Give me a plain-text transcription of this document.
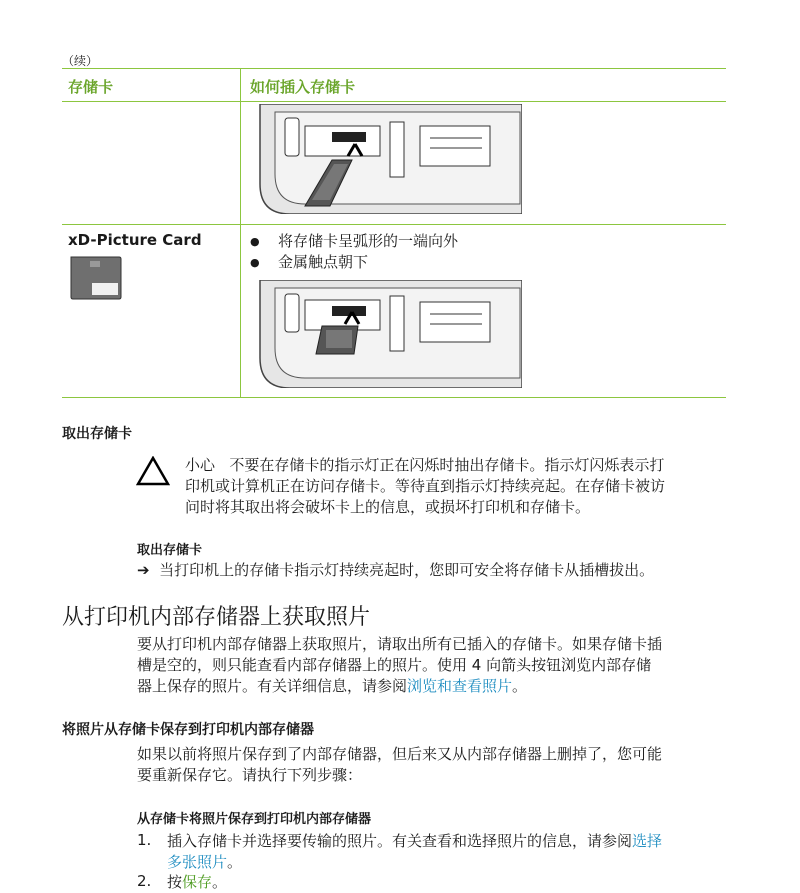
（续）
存储卡	如何插入存储卡
xD-Picture Card
●	将存储卡呈弧形的一端向外
● 金属触点朝下
取出存储卡
小心 不要在存储卡的指示灯正在闪烁时抽出存储卡。指示灯闪烁表示打
印机或计算机正在访问存储卡。等待直到指示灯持续亮起。在存储卡被访
问时将其取出将会破坏卡上的信息，或损坏打印机和存储卡。
取出存储卡
➔ 当打印机上的存储卡指示灯持续亮起时，您即可安全将存储卡从插槽拔出。
从打印机内部存储器上获取照片
要从打印机内部存储器上获取照片，请取出所有已插入的存储卡。如果存储卡插
槽是空的，则只能查看内部存储器上的照片。使用 4 向箭头按钮浏览内部存储
器上保存的照片。有关详细信息，请参阅浏览和查看照片。
将照片从存储卡保存到打印机内部存储器
如果以前将照片保存到了内部存储器，但后来又从内部存储器上删掉了，您可能
要重新保存它。请执行下列步骤：
从存储卡将照片保存到打印机内部存储器
1. 插入存储卡并选择要传输的照片。有关查看和选择照片的信息，请参阅选择
多张照片。
2. 按保存。
